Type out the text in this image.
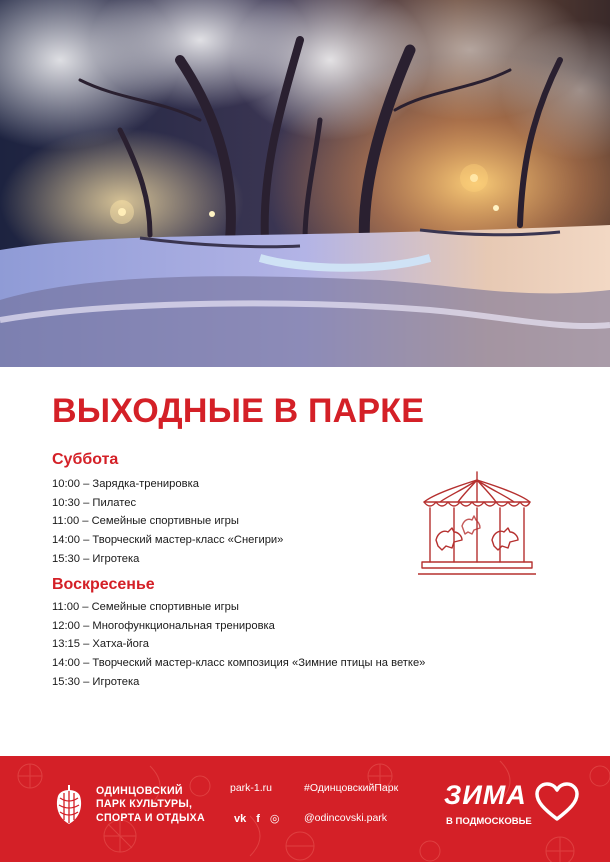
ВЫХОДНЫЕ В ПАРКЕ
Суббота
10:00 – Зарядка-тренировка
10:30 – Пилатес
11:00 – Семейные спортивные игры
14:00 – Творческий мастер-класс «Снегири»
15:30 – Игротека
Воскресенье
11:00 – Семейные спортивные игры
12:00 – Многофункциональная тренировка
13:15 – Хатха-йога
14:00 – Творческий мастер-класс композиция «Зимние птицы на ветке»
15:30 – Игротека
ОДИНЦОВСКИЙ
ПАРК КУЛЬТУРЫ,
СПОРТА И ОТДЫХА
park-1.ru	#ОдинцовскийПарк
vk f ◎ @odincovski.park
ЗИМА
В ПОДМОСКОВЬЕ
